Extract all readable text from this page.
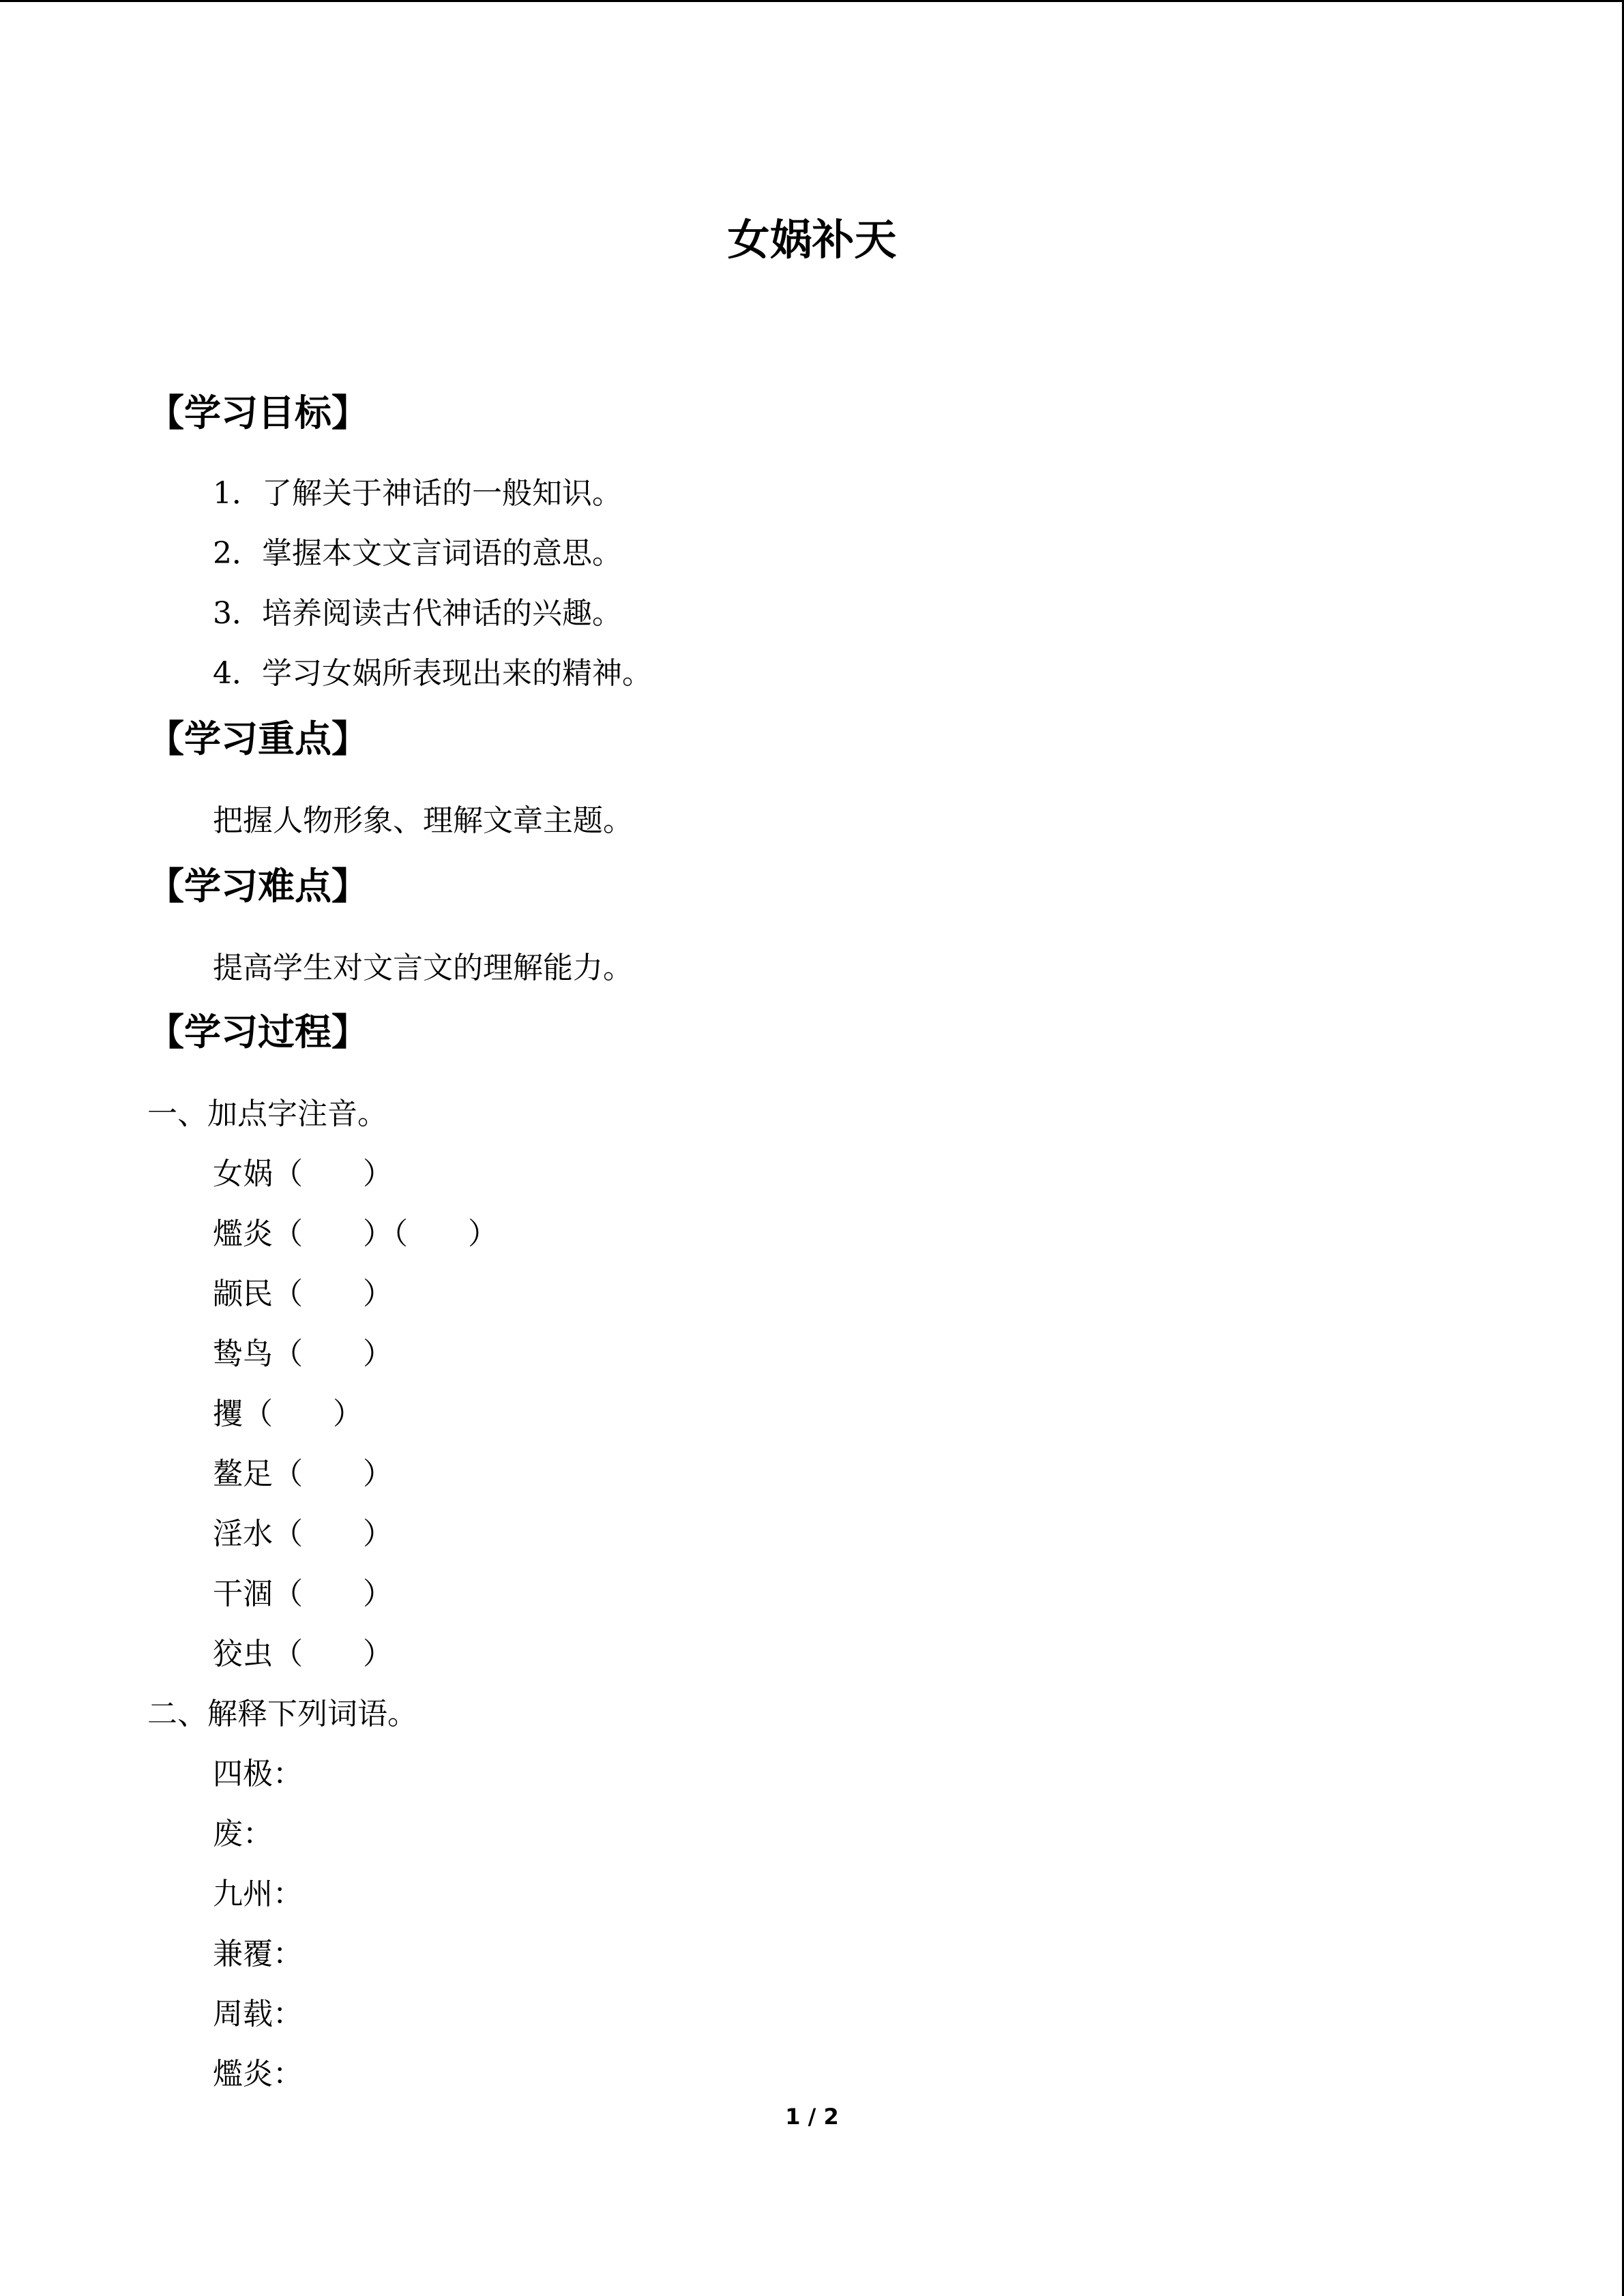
女娲补天
【学习目标】
1．了解关于神话的一般知识。
2．掌握本文文言词语的意思。
3．培养阅读古代神话的兴趣。
4．学习女娲所表现出来的精神。
【学习重点】
把握人物形象、理解文章主题。
【学习难点】
提高学生对文言文的理解能力。
【学习过程】
一、加点字注音。
女娲（　　）
爁炎（　　）（　　）
颛民（　　）
鸷鸟（　　）
攫（　　）
鳌足（　　）
淫水（　　）
干涸（　　）
狡虫（　　）
二、解释下列词语。
四极：
废：
九州：
兼覆：
周载：
爁炎：
1 / 2
